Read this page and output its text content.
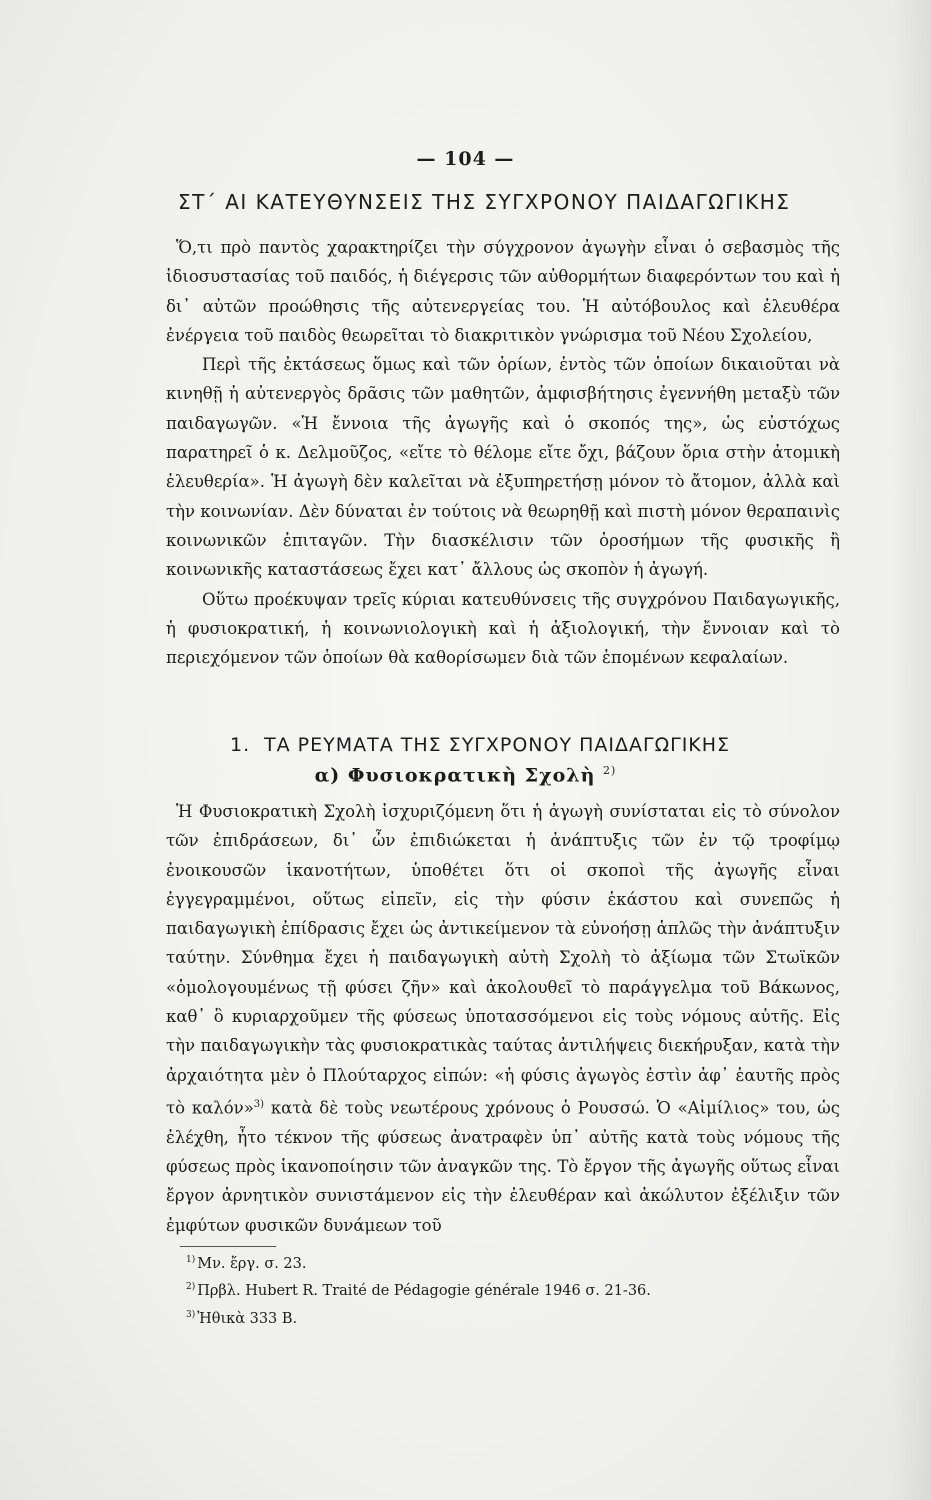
— 104 —
ΣΤ΄ ΑΙ ΚΑΤΕΥΘΥΝΣΕΙΣ ΤΗΣ ΣΥΓΧΡΟΝΟΥ ΠΑΙΔΑΓΩΓΙΚΗΣ

Ὅ,τι πρὸ παντὸς χαρακτηρίζει τὴν σύγχρονον ἀγωγὴν εἶναι ὁ σεβασμὸς τῆς ἰδιοσυστασίας τοῦ παιδός, ἡ διέγερσις τῶν αὐθορμήτων διαφερόντων του καὶ ἡ δι᾽ αὐτῶν προώθησις τῆς αὐτενεργείας του. Ἡ αὐτόβουλος καὶ ἐλευθέρα ἐνέργεια τοῦ παιδὸς θεωρεῖται τὸ διακριτικὸν γνώρισμα τοῦ Νέου Σχολείου,

Περὶ τῆς ἐκτάσεως ὅμως καὶ τῶν ὁρίων, ἐντὸς τῶν ὁποίων δικαιοῦται νὰ κινηθῇ ἡ αὐτενεργὸς δρᾶσις τῶν μαθητῶν, ἀμφισβήτησις ἐγεννήθη μεταξὺ τῶν παιδαγωγῶν. «Ἡ ἔννοια τῆς ἀγωγῆς καὶ ὁ σκοπός της», ὡς εὐστόχως παρατηρεῖ ὁ κ. Δελμοῦζος, «εἴτε τὸ θέλομε εἴτε ὄχι, βάζουν ὅρια στὴν ἀτομικὴ ἐλευθερία». Ἡ ἀγωγὴ δὲν καλεῖται νὰ ἐξυπηρετήσῃ μόνον τὸ ἄτομον, ἀλλὰ καὶ τὴν κοινωνίαν. Δὲν δύναται ἐν τούτοις νὰ θεωρηθῇ καὶ πιστὴ μόνον θεραπαινὶς κοινωνικῶν ἐπιταγῶν. Τὴν διασκέλισιν τῶν ὁροσήμων τῆς φυσικῆς ἢ κοινωνικῆς καταστάσεως ἔχει κατ᾽ ἄλλους ὡς σκοπὸν ἡ ἀγωγή.

Οὕτω προέκυψαν τρεῖς κύριαι κατευθύνσεις τῆς συγχρόνου Παιδαγωγικῆς, ἡ φυσιοκρατική, ἡ κοινωνιολογικὴ καὶ ἡ ἀξιολογική, τὴν ἔννοιαν καὶ τὸ περιεχόμενον τῶν ὁποίων θὰ καθορίσωμεν διὰ τῶν ἑπομένων κεφαλαίων.

1. ΤΑ ΡΕΥΜΑΤΑ ΤΗΣ ΣΥΓΧΡΟΝΟΥ ΠΑΙΔΑΓΩΓΙΚΗΣ
α) Φυσιοκρατικὴ Σχολὴ $^{2)}$

Ἡ Φυσιοκρατικὴ Σχολὴ ἰσχυριζόμενη ὅτι ἡ ἀγωγὴ συνίσταται εἰς τὸ σύνολον τῶν ἐπιδράσεων, δι᾽ ὧν ἐπιδιώκεται ἡ ἀνάπτυξις τῶν ἐν τῷ τροφίμῳ ἐνοικουσῶν ἱκανοτήτων, ὑποθέτει ὅτι οἱ σκοποὶ τῆς ἀγωγῆς εἶναι ἐγγεγραμμένοι, οὕτως εἰπεῖν, εἰς τὴν φύσιν ἑκάστου καὶ συνεπῶς ἡ παιδαγωγικὴ ἐπίδρασις ἔχει ὡς ἀντικείμενον τὰ εὐνοήσῃ ἁπλῶς τὴν ἀνάπτυξιν ταύτην. Σύνθημα ἔχει ἡ παιδαγωγικὴ αὐτὴ Σχολὴ τὸ ἀξίωμα τῶν Στωϊκῶν «ὁμολογουμένως τῇ φύσει ζῆν» καὶ ἀκολουθεῖ τὸ παράγγελμα τοῦ Βάκωνος, καθ᾽ ὃ κυριαρχοῦμεν τῆς φύσεως ὑποτασσόμενοι εἰς τοὺς νόμους αὐτῆς. Εἰς τὴν παιδαγωγικὴν τὰς φυσιοκρατικὰς ταύτας ἀντιλήψεις διεκήρυξαν, κατὰ τὴν ἀρχαιότητα μὲν ὁ Πλούταρχος εἰπών: «ἡ φύσις ἀγωγὸς ἐστὶν ἀφ᾽ ἑαυτῆς πρὸς τὸ καλόν»$^{3)}$ κατὰ δὲ τοὺς νεωτέρους χρόνους ὁ Ρουσσώ. Ὁ «Αἰμίλιος» του, ὡς ἐλέχθη, ἦτο τέκνον τῆς φύσεως ἀνατραφὲν ὑπ᾽ αὐτῆς κατὰ τοὺς νόμους τῆς φύσεως πρὸς ἱκανοποίησιν τῶν ἀναγκῶν της. Τὸ ἔργον τῆς ἀγωγῆς οὕτως εἶναι ἔργον ἀρνητικὸν συνιστάμενον εἰς τὴν ἐλευθέραν καὶ ἀκώλυτον ἐξέλιξιν τῶν ἐμφύτων φυσικῶν δυνάμεων τοῦ

$^{1)}$ Μν. ἔργ. σ. 23.
$^{2)}$ Πρβλ. Hubert R. Traité de Pédagogie générale 1946 σ. 21-36.
$^{3)}$ Ἠθικὰ 333 Β.
